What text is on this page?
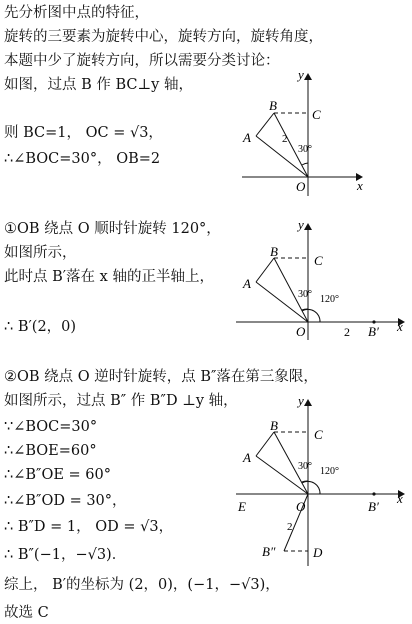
先分析图中点的特征，
旋转的三要素为旋转中心，旋转方向，旋转角度，
本题中少了旋转方向，所以需要分类讨论：
如图，过点 B 作 BC⊥y 轴，
则 BC=1， OC = √3，
∴∠BOC=30°， OB=2
①OB 绕点 O 顺时针旋转 120°，
如图所示，
此时点 B′落在 x 轴的正半轴上，
∴ B′(2，0)
②OB 绕点 O 逆时针旋转，点 B″落在第三象限，
如图所示，过点 B″ 作 B″D ⊥y 轴，
∵∠BOC=30°
∴∠BOE=60°
∴∠B″OE = 60°
∴∠B″OD = 30°，
∴ B″D = 1， OD = √3，
∴ B″(−1，−√3)．
综上， B′的坐标为 (2，0)，(−1，−√3)，
故选 C
y
x
B
C
A
O
2
30°
y
x
B
C
A
O
30° 120°
2 B′
y
x
B
C
A
O
30° 120°
E	B′
2
B″	D
